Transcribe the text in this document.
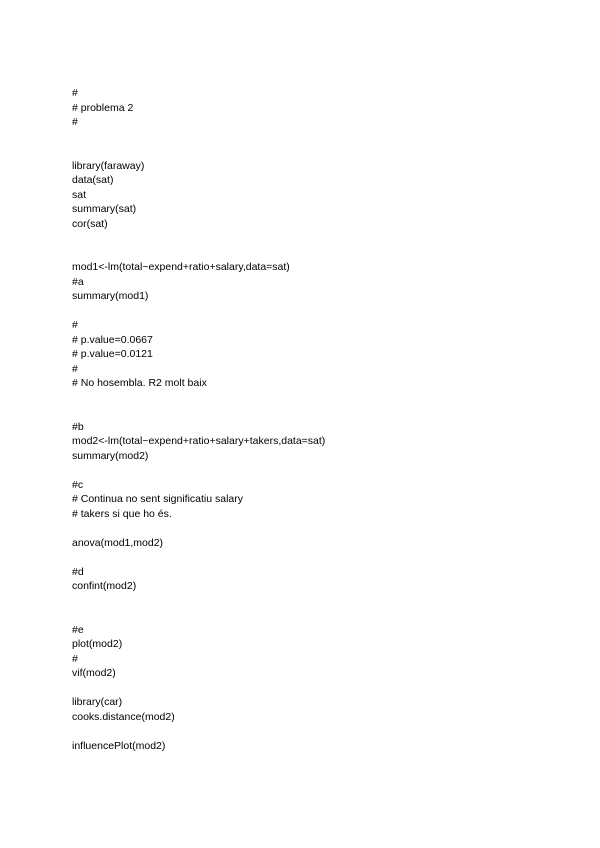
#
# problema 2
#
library(faraway)
data(sat)
sat
summary(sat)
cor(sat)
mod1<-lm(total~expend+ratio+salary,data=sat)
#a
summary(mod1)
#
# p.value=0.0667
# p.value=0.0121
#
# No hosembla. R2 molt baix
#b
mod2<-lm(total~expend+ratio+salary+takers,data=sat)
summary(mod2)
#c
# Continua no sent significatiu salary
# takers si que ho és.
anova(mod1,mod2)
#d
confint(mod2)
#e
plot(mod2)
#
vif(mod2)
library(car)
cooks.distance(mod2)
influencePlot(mod2)
